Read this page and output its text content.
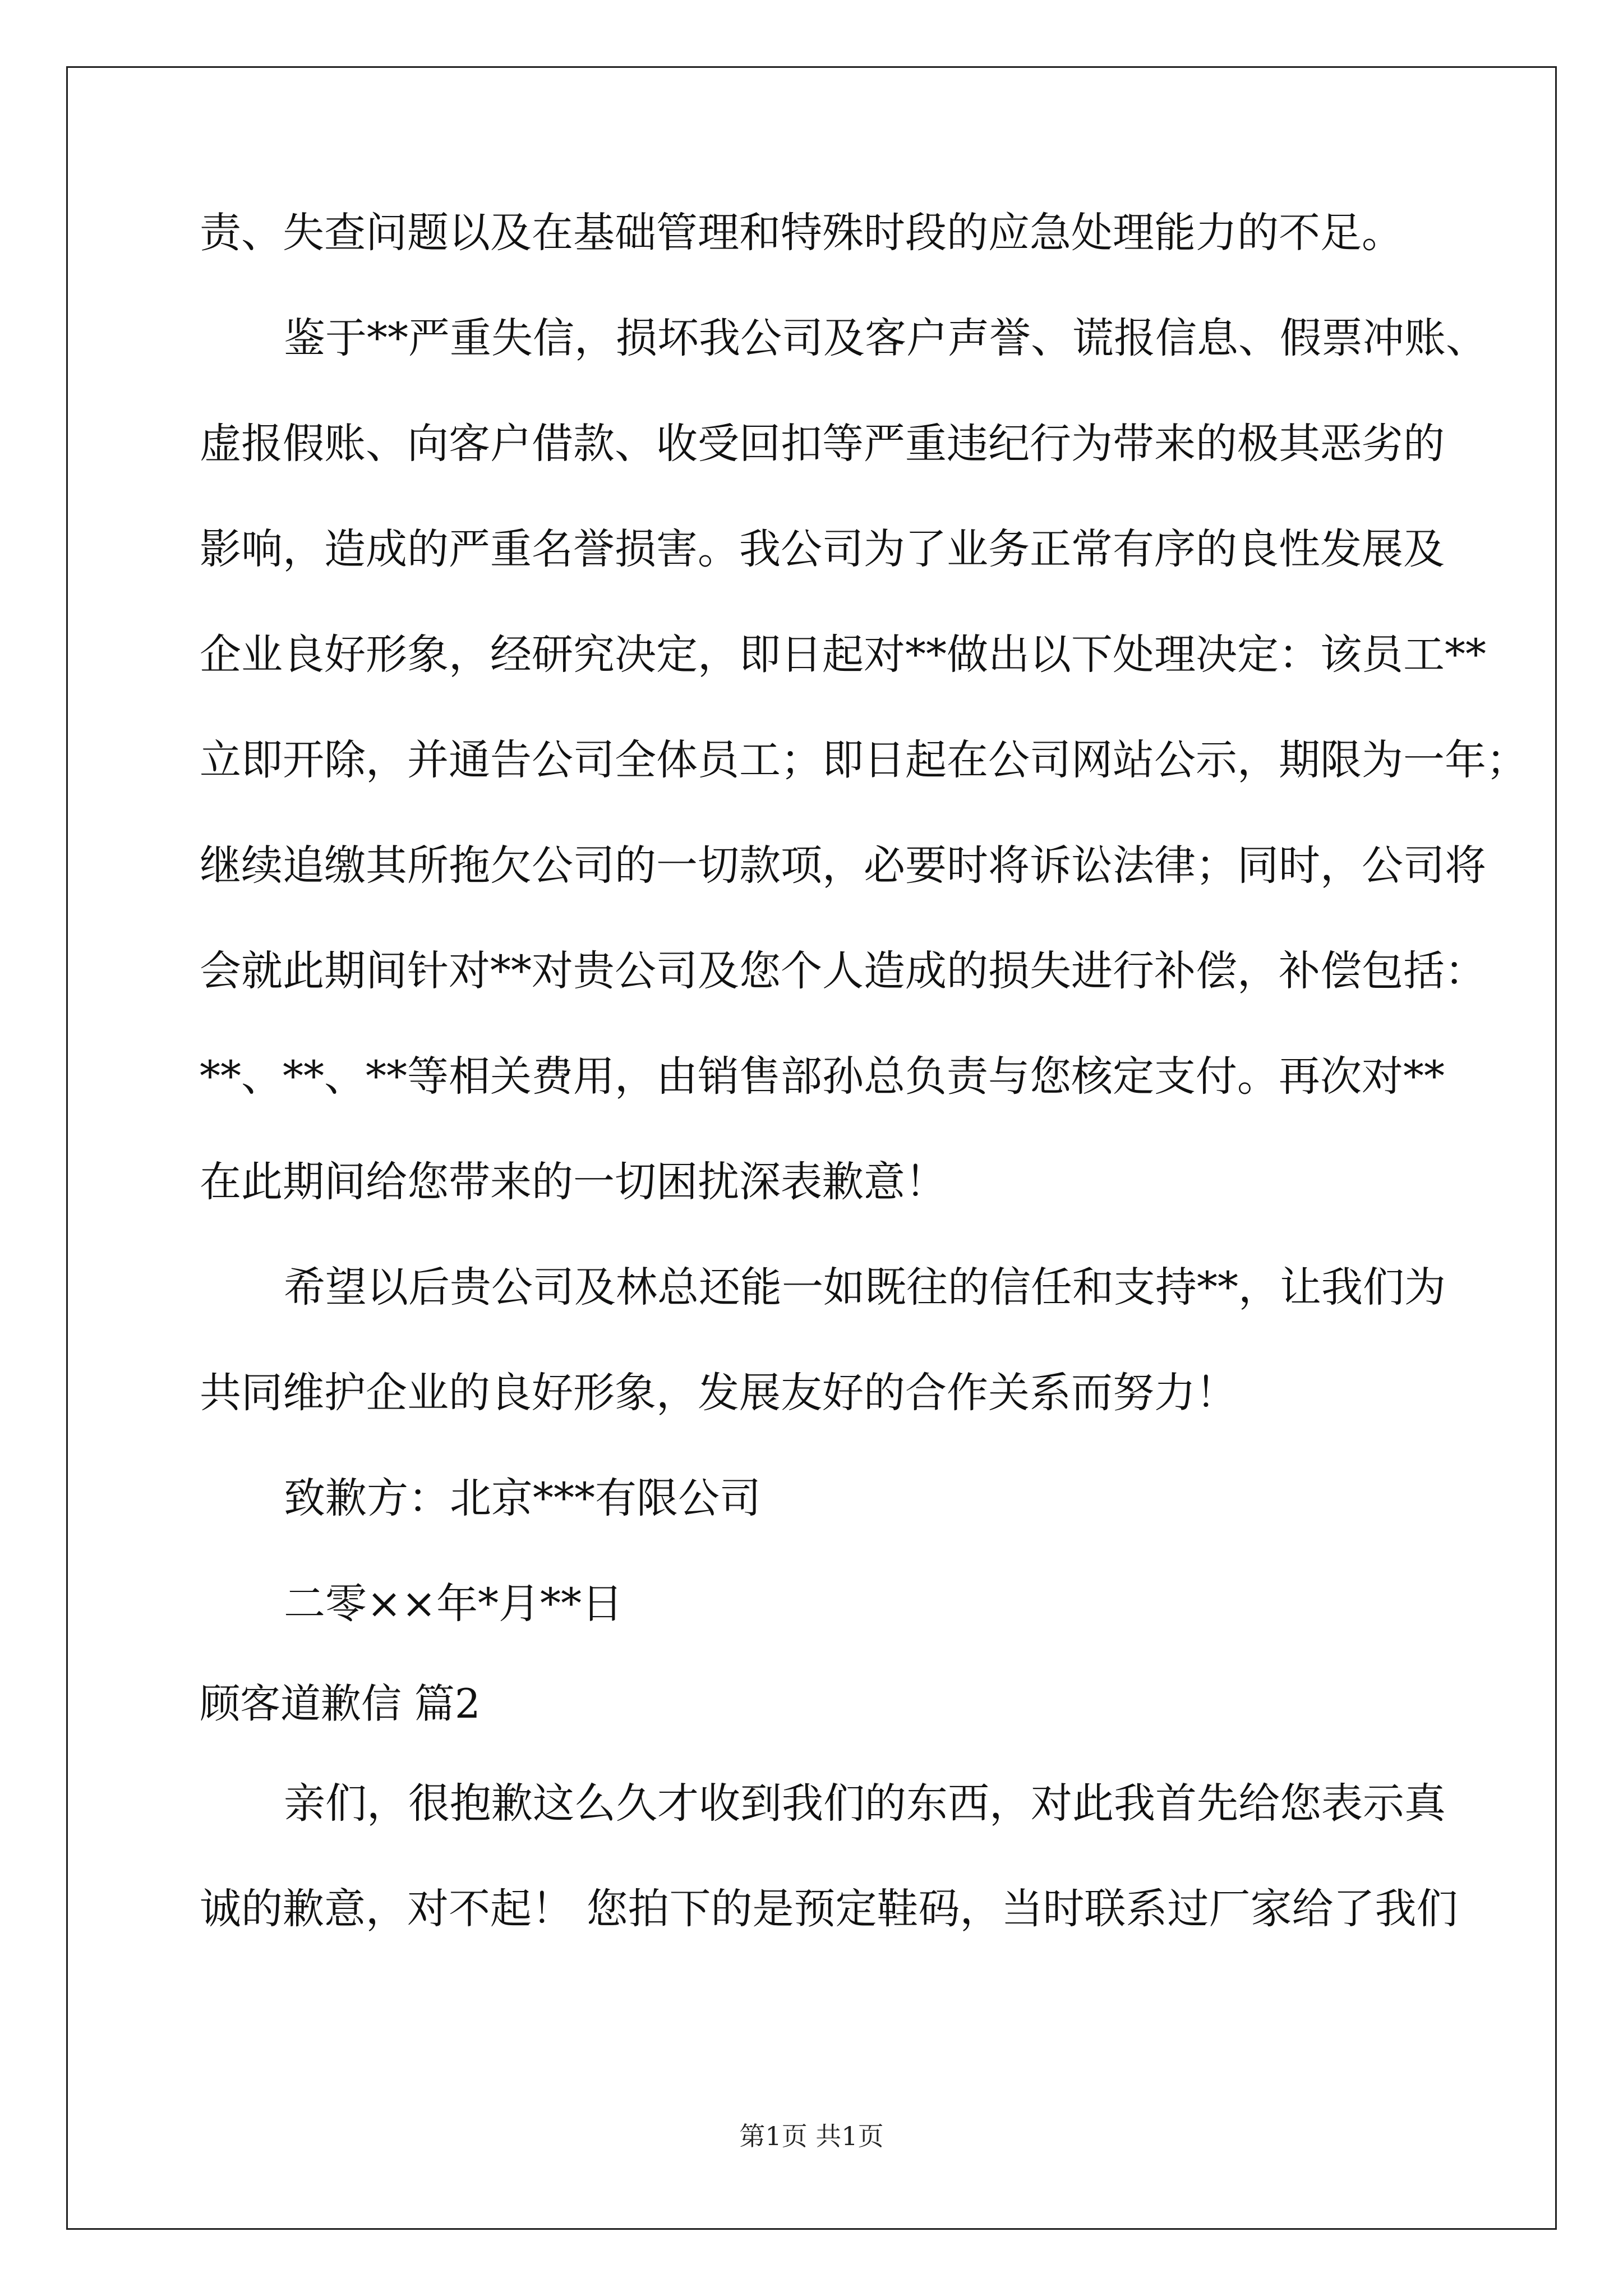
责、失查问题以及在基础管理和特殊时段的应急处理能力的不足。
鉴于**严重失信，损坏我公司及客户声誉、谎报信息、假票冲账、
虚报假账、向客户借款、收受回扣等严重违纪行为带来的极其恶劣的
影响，造成的严重名誉损害。我公司为了业务正常有序的良性发展及
企业良好形象，经研究决定，即日起对**做出以下处理决定：该员工**
立即开除，并通告公司全体员工；即日起在公司网站公示，期限为一年；
继续追缴其所拖欠公司的一切款项，必要时将诉讼法律；同时，公司将
会就此期间针对**对贵公司及您个人造成的损失进行补偿，补偿包括：
**、**、**等相关费用，由销售部孙总负责与您核定支付。再次对**
在此期间给您带来的一切困扰深表歉意！
希望以后贵公司及林总还能一如既往的信任和支持**，让我们为
共同维护企业的良好形象，发展友好的合作关系而努力！
致歉方：北京***有限公司
二零××年*月**日
顾客道歉信 篇2
亲们，很抱歉这么久才收到我们的东西，对此我首先给您表示真
诚的歉意，对不起！ 您拍下的是预定鞋码，当时联系过厂家给了我们
第1页 共1页
